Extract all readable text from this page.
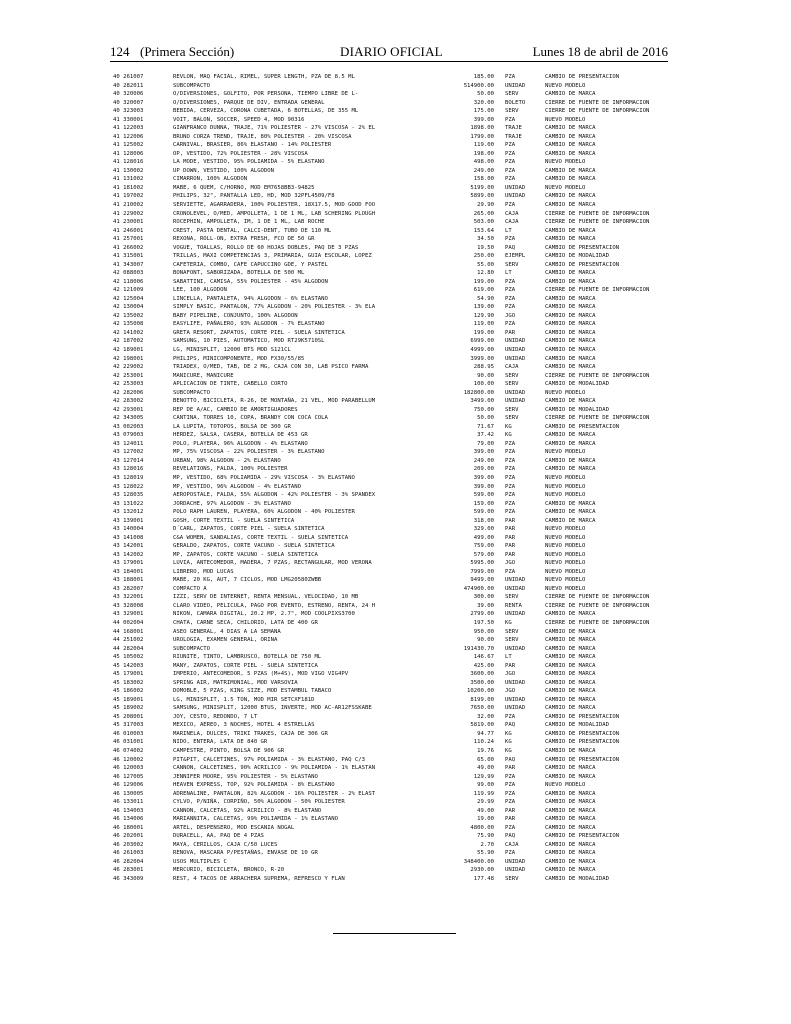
124 (Primera Sección)	DIARIO OFICIAL	Lunes 18 de abril de 2016
40 261007	REVLON, MAQ FACIAL, RIMEL, SUPER LENGTH, PZA DE 8.5 ML	185.00 PZA	CAMBIO DE PRESENTACION
40 282011	SUBCOMPACTO	514900.00 UNIDAD	NUEVO MODELO
40 320006	O/DIVERSIONES, GOLFITO, POR PERSONA, TIEMPO LIBRE DE L-	50.00 SERV	CAMBIO DE MARCA
40 320007	O/DIVERSIONES, PARQUE DE DIV, ENTRADA GENERAL	320.00 BOLETO	CIERRE DE FUENTE DE INFORMACION
40 323003	BEBIDA, CERVEZA, CORONA CUBETADA, 6 BOTELLAS, DE 355 ML	175.00 SERV	CIERRE DE FUENTE DE INFORMACION
41 330001	VOIT, BALON, SOCCER, SPEED 4, MOD 90316	399.00 PZA	NUEVO MODELO
41 122003	GIANFRANCO DUNNA, TRAJE, 71% POLIESTER - 27% VISCOSA - 2% EL	1898.00 TRAJE	CAMBIO DE MARCA
41 122006	BRUNO CORZA TREND, TRAJE, 80% POLIESTER - 20% VISCOSA	1799.00 TRAJE	CAMBIO DE MARCA
41 125002	CARNIVAL, BRASIER, 86% ELASTANO - 14% POLIESTER	119.00 PZA	CAMBIO DE MARCA
41 128006	OP, VESTIDO, 72% POLIESTER - 28% VISCOSA	198.00 PZA	CAMBIO DE MARCA
41 128016	LA MODE, VESTIDO, 95% POLIAMIDA - 5% ELASTANO	498.00 PZA	NUEVO MODELO
41 130002	UP DOWN, VESTIDO, 100% ALGODON	249.00 PZA	CAMBIO DE MARCA
41 131002	CIMARRON, 100% ALGODON	158.00 PZA	CAMBIO DE MARCA
41 181002	MABE, 6 QUEM, C/HORNO, MOD EM7658BB3-94825	5199.00 UNIDAD	NUEVO MODELO
41 197002	PHILIPS, 32", PANTALLA LED, HD, MOD 32PFL4509/F8	5899.00 UNIDAD	CAMBIO DE MARCA
41 210002	SERVIETTE, AGARRADERA, 100% POLIESTER, 18X17.5, MOD GOOD FOO	29.90 PZA	CAMBIO DE MARCA
41 229002	CRONOLEVEL, O/MED, AMPOLLETA, 1 DE 1 ML, LAB SCHERING PLOUGH	265.00 CAJA	CIERRE DE FUENTE DE INFORMACION
41 230001	ROCEPHIN, AMPOLLETA, IM, 1 DE 1 ML, LAB ROCHE	503.00 CAJA	CIERRE DE FUENTE DE INFORMACION
41 246001	CREST, PASTA DENTAL, CALCI-DENT, TUBO DE 110 ML	153.64 LT	CAMBIO DE MARCA
41 257001	REXONA, ROLL-ON, EXTRA FRESH, FCO DE 50 GR	34.50 PZA	CAMBIO DE MARCA
41 266002	VOGUE, TOALLAS, ROLLO DE 60 HOJAS DOBLES, PAQ DE 3 PZAS	19.50 PAQ	CAMBIO DE PRESENTACION
41 315001	TRILLAS, MAXI COMPETENCIAS 3, PRIMARIA, GUIA ESCOLAR, LOPEZ	250.00 EJEMPL	CAMBIO DE MODALIDAD
41 343007	CAFETERIA, COMBO, CAFE CAPUCCINO GDE, Y PASTEL	55.00 SERV	CAMBIO DE PRESENTACION
42 088003	BONAFONT, SABORIZADA, BOTELLA DE 500 ML	12.80 LT	CAMBIO DE MARCA
42 118006	SABATTINI, CAMISA, 55% POLIESTER - 45% ALGODON	199.00 PZA	CAMBIO DE MARCA
42 121009	LEE, 100 ALGODON	619.00 PZA	CIERRE DE FUENTE DE INFORMACION
42 125004	LINCELLA, PANTALETA, 94% ALGODON - 6% ELASTANO	54.90 PZA	CAMBIO DE MARCA
42 130004	SIMPLY BASIC, PANTALON, 77% ALGODON - 20% POLIESTER - 3% ELA	139.00 PZA	CAMBIO DE MARCA
42 135002	BABY PIPELINE, CONJUNTO, 100% ALGODON	129.90 JGO	CAMBIO DE MARCA
42 135008	EASYLIFE, PAÑALERO, 93% ALGODON - 7% ELASTANO	119.00 PZA	CAMBIO DE MARCA
42 141002	GRETA RESORT, ZAPATOS, CORTE PIEL - SUELA SINTETICA	199.00 PAR	CAMBIO DE MARCA
42 187002	SAMSUNG, 10 PIES, AUTOMATICO, MOD RT29K5710SL	6999.00 UNIDAD	CAMBIO DE MARCA
42 189001	LG, MINISPLIT, 12000 BTS MOD S121CL	4999.00 UNIDAD	CAMBIO DE MARCA
42 198001	PHILIPS, MINICOMPONENTE, MOD FX30/55/85	3999.00 UNIDAD	CAMBIO DE MARCA
42 229002	TRIADEX, O/MED, TAB, DE 2 MG, CAJA CON 30, LAB PSICO FARMA	288.95 CAJA	CAMBIO DE MARCA
42 253001	MANICURE, MANICURE	90.00 SERV	CIERRE DE FUENTE DE INFORMACION
42 253003	APLICACION DE TINTE, CABELLO CORTO	100.00 SERV	CAMBIO DE MODALIDAD
42 282006	SUBCOMPACTO	182800.00 UNIDAD	NUEVO MODELO
42 283002	BENOTTO, BICICLETA, R-26, DE MONTAÑA, 21 VEL, MOD PARABELLUM	3499.00 UNIDAD	CAMBIO DE MARCA
42 293001	REP DE A/AC, CAMBIO DE AMORTIGUADORES	750.00 SERV	CAMBIO DE MODALIDAD
42 343005	CANTINA, TORRES 10, COPA, BRANDY CON COCA COLA	50.00 SERV	CIERRE DE FUENTE DE INFORMACION
43 002003	LA LUPITA, TOTOPOS, BOLSA DE 300 GR	71.67 KG	CAMBIO DE PRESENTACION
43 079003	HERDEZ, SALSA, CASERA, BOTELLA DE 453 GR	37.42 KG	CAMBIO DE MARCA
43 124011	POLO, PLAYERA, 96% ALGODON - 4% ELASTANO	79.00 PZA	CAMBIO DE MARCA
43 127002	MP, 75% VISCOSA - 22% POLIESTER - 3% ELASTANO	399.00 PZA	NUEVO MODELO
43 127014	URBAN, 98% ALGODON - 2% ELASTANO	249.00 PZA	CAMBIO DE MARCA
43 128016	REVELATIONS, FALDA, 100% POLIESTER	209.00 PZA	CAMBIO DE MARCA
43 128019	MP, VESTIDO, 68% POLIAMIDA - 29% VISCOSA - 3% ELASTANO	399.00 PZA	NUEVO MODELO
43 128022	MP, VESTIDO, 96% ALGODON - 4% ELASTANO	399.00 PZA	NUEVO MODELO
43 128035	AEROPOSTALE, FALDA, 55% ALGODON - 42% POLIESTER - 3% SPANDEX	599.00 PZA	NUEVO MODELO
43 131022	JORDACHE, 97% ALGODON - 3% ELASTANO	159.00 PZA	CAMBIO DE MARCA
43 132012	POLO RAPH LAUREN, PLAYERA, 60% ALGODON - 40% POLIESTER	599.00 PZA	CAMBIO DE MARCA
43 139001	GOSH, CORTE TEXTIL - SUELA SINTETICA	318.00 PAR	CAMBIO DE MARCA
43 140004	D´CARL, ZAPATOS, CORTE PIEL - SUELA SINTETICA	329.00 PAR	NUEVO MODELO
43 141008	C&A WOMEN, SANDALIAS, CORTE TEXTIL - SUELA SINTETICA	499.00 PAR	NUEVO MODELO
43 142001	GERALDO, ZAPATOS, CORTE VACUNO - SUELA SINTETICA	759.00 PAR	NUEVO MODELO
43 142002	MP, ZAPATOS, CORTE VACUNO - SUELA SINTETICA	579.00 PAR	NUEVO MODELO
43 179001	LUVIA, ANTECOMEDOR, MADERA, 7 PZAS, RECTANGULAR, MOD VERONA	5995.00 JGO	NUEVO MODELO
43 184001	LIBRERO, MOD LUCAS	7999.00 PZA	NUEVO MODELO
43 188001	MABE, 20 KG, AUT, 7 CICLOS, MOD LMG20580ZWBB	9499.00 UNIDAD	NUEVO MODELO
43 282007	COMPACTO A	474900.00 UNIDAD	NUEVO MODELO
43 322001	IZZI, SERV DE INTERNET, RENTA MENSUAL, VELOCIDAD, 10 MB	300.00 SERV	CIERRE DE FUENTE DE INFORMACION
43 328008	CLARO VIDEO, PELICULA, PAGO POR EVENTO, ESTRENO, RENTA, 24 H	39.00 RENTA	CIERRE DE FUENTE DE INFORMACION
43 329001	NIKON, CAMARA DIGITAL, 20.2 MP, 2.7", MOD COOLPIXS3700	2799.00 UNIDAD	CAMBIO DE MARCA
44 002004	CHATA, CARNE SECA, CHILORIO, LATA DE 400 GR	197.50 KG	CIERRE DE FUENTE DE INFORMACION
44 168001	ASEO GENERAL, 4 DIAS A LA SEMANA	950.00 SERV	CAMBIO DE MARCA
44 251002	UROLOGIA, EXAMEN GENERAL, ORINA	90.00 SERV	CAMBIO DE MARCA
44 282004	SUBCOMPACTO	191430.70 UNIDAD	CAMBIO DE MARCA
45 105002	RIUNITE, TINTO, LAMBRUSCO, BOTELLA DE 750 ML	146.67 LT	CAMBIO DE MARCA
45 142003	MANY, ZAPATOS, CORTE PIEL - SUELA SINTETICA	425.00 PAR	CAMBIO DE MARCA
45 179001	IMPERIO, ANTECOMEDOR, 5 PZAS (M+4S), MOD VIGO VIG4PV	3600.00 JGO	CAMBIO DE MARCA
45 183002	SPRING AIR, MATRIMONIAL, MOD VARSOVIA	3500.00 UNIDAD	CAMBIO DE MARCA
45 186002	DOMOBLE, 5 PZAS, KING SIZE, MOD ESTAMBUL TABACO	10200.00 JGO	CAMBIO DE MARCA
45 189001	LG, MINISPLIT, 1.5 TON, MOD MIR SETCXF181D	8199.00 UNIDAD	CAMBIO DE MARCA
45 189002	SAMSUNG, MINISPLIT, 12000 BTUS, INVERTE, MOD AC-AR12FSSKABE	7650.00 UNIDAD	CAMBIO DE MARCA
45 208001	JOY, CESTO, REDONDO, 7 LT	32.00 PZA	CAMBIO DE PRESENTACION
45 317003	MEXICO, AEREO, 3 NOCHES, HOTEL 4 ESTRELLAS	5819.00 PAQ	CAMBIO DE MODALIDAD
46 010003	MARINELA, DULCES, TRIKI TRAKES, CAJA DE 306 GR	94.77 KG	CAMBIO DE PRESENTACION
46 031001	NIDO, ENTERA, LATA DE 840 GR	110.24 KG	CAMBIO DE PRESENTACION
46 074002	CAMPESTRE, PINTO, BOLSA DE 906 GR	19.76 KG	CAMBIO DE MARCA
46 120002	PIT&PIT, CALCETINES, 97% POLIAMIDA - 3% ELASTANO, PAQ C/3	65.00 PAQ	CAMBIO DE PRESENTACION
46 120003	CANNON, CALCETINES, 90% ACRILICO - 9% POLIAMIDA - 1% ELASTAN	49.00 PAR	CAMBIO DE MARCA
46 127005	JENNIFER MOORE, 95% POLIESTER - 5% ELASTANO	129.99 PZA	CAMBIO DE MARCA
46 129006	HEAVEN EXPRESS, TOP, 92% POLIAMIDA - 8% ELASTANO	99.00 PZA	NUEVO MODELO
46 130005	ADRENALINE, PANTALON, 82% ALGODON - 16% POLIESTER - 2% ELAST	119.99 PZA	CAMBIO DE MARCA
46 133011	CYLVO, P/NIÑA, CORPIÑO, 50% ALGODON - 50% POLIESTER	29.99 PZA	CAMBIO DE MARCA
46 134003	CANNON, CALCETAS, 92% ACRILICO - 8% ELASTANO	49.00 PAR	CAMBIO DE MARCA
46 134006	MARIANNITA, CALCETAS, 99% POLIAMIDA - 1% ELASTANO	19.00 PAR	CAMBIO DE MARCA
46 180001	ARTEL, DESPENSERO, MOD ESCANIA NOGAL	4800.00 PZA	CAMBIO DE MARCA
46 202001	DURACELL, AA, PAQ DE 4 PZAS	75.90 PAQ	CAMBIO DE PRESENTACION
46 203002	MAYA, CERILLOS, CAJA C/50 LUCES	2.70 CAJA	CAMBIO DE MARCA
46 261003	RENOVA, MASCARA P/PESTAÑAS, ENVASE DE 10 GR	55.90 PZA	CAMBIO DE MARCA
46 282004	USOS MULTIPLES C	348400.00 UNIDAD	CAMBIO DE MARCA
46 283001	MERCURIO, BICICLETA, BRONCO, R-20	2930.00 UNIDAD	CAMBIO DE MARCA
46 343009	REST, 4 TACOS DE ARRACHERA SUPREMA, REFRESCO Y FLAN	177.48 SERV	CAMBIO DE MODALIDAD
